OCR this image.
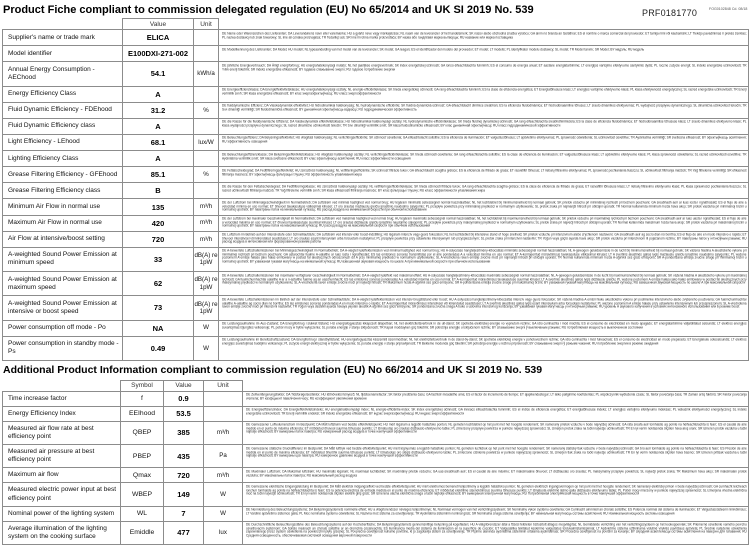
Product Fiche compliant to commission delegated regulation (EU) No 65/2014 and UK SI 2019 No. 539	PRF0181770 FOG0102848 Cd. 08/18
	Value	Unit	
Supplier's name or trade mark	ELICA		DE Name oder Warenzeichen des Lieferanten; DA Leverandørens navn eller varemærke; HU a gyártó neve vagy márkajelzése; NL naam van de leverancier of het handelsmerk; SK názov alebo obchodná značka výrobcu; GA ainm nó branda an tsoláthraí; ES el nombre o marca comercial del proveedor; ET tarnija nimi või kaubamärk; LT Tiekėjo pavadinimas ir prekės ženklas; PL nazwa dostawcy lub znak towarowy; SL ime ali oznaka proizvajalca; TR Tedarikçi adı; SR ime ili robna marka proizvođača; BY назва або гандлёвая марка вытворцы; RU название или марка поставщика

Model identifier	E100DXI-271-002		DE Modellkennung des Lieferanten; DA Model; HU modell; NL typeaanduiding van het model van de leverancier; SK model; GA leagan; ES el identificador del modelo del proveedor; ET mudel; LT modelis; PL identyfikator modelu dostawcy; SL model; TR Model tanımı; SR Model; BY мадэль; RU модель

Annual Energy Consumption - AEChood	54.1	kWh/a	DE jährliche Energieverbrauch; DA Årligt energiforbrug; HU energiahatékonysági mutató; NL het jaarlijkse energieverbruik; SK index energetickej účinnosti; GA ionsú éifeachtúlachta fuinnimh; ES el consumo de energía anual; ET aastane energiatarbimine; LT energijos vartojimo efektyvumo santykinis dydis; PL roczne zużycie energii; SL indeks energetske učinkovitosti; TR Yıllık enerji tüketimi; SR indeks energetske efikasnosti; BY гадавое спажыванне энергіі; RU годовое потребление энергии

Energy Efficiency Class	A		DE Energieeffizienzklasse; DA Energieffektivitetsklasse; HU energiahatékonysági osztály; NL energie-efficiëntieklasse; SK trieda energetickej účinnosti; GA rang éifeachtúlachta fuinnimh; ES la clase de eficiencia energética; ET Energiatõhususe klass; LT energijos vartojimo efektyvumo klasė; PL klasa efektywności energetycznej; SL razred energetske učinkovitosti; TR Enerji verimlilik sınıfı; SR klasa energetske efikasnosti; BY клас энергаэфектыўнасці; RU класс энергоэффективности

Fluid Dynamic Efficiency - FDEhood	31.2	%	DE fluiddynamische Effizienz; DA Væskedynamisk effektivitet; HU hidrodinamikai hatékonyság; NL hydrodynamische efficiëntie; SK fluidná dynamická účinnosť; GA éifeachtúlacht dinimice sreabhán; ES la eficiencia fluidodinámica; ET hüdrodünaamiline tõhusus; LT srauto dinamikos efektyvumas; PL wydajność przepływu dynamicznego; SL dinamična učinkovitost tekočin; TR Sıvı dinamiği verimliliği; SR fluidodinamička efikasnost; BY дынамічная эфектыўнасць вадкасці; RU гидродинамическая эффективность

Fluid Dynamic Efficiency class	A		DE die Klasse für die fluiddynamische Effizienz; DA Væskedynamisk effektivitetsklasse; HU hidrodinamikai hatékonysági osztály; NL hydrodynamische-efficiëntieklasse; SK trieda fluidnej dynamickej účinnosti; GA rang éifeachtúlachta sreabhdhinimiciúla; ES la clase de eficiencia fluidodinámica; ET hüdrodünaamilise tõhususe klass; LT srauto dinamikos efektyvumo klasė; PL klasa wydajności przepływu dynamicznego; SL razred dinamične učinkovitosti tekočin; TR Sıvı dinamiği verimlilik sınıfı; SR klasa fluidodinamičke efikasnosti; BY клас дынамічнай эфектыўнасці; RU класс гидродинамической эффективности

Light Efficiency - LEhood	68.1	lux/W	DE Beleuchtungseffizienz; DA Belysningseffektivitet; HU világítási hatékonyság; NL verlichtingsefficiëntie; SK účinnosť osvetlenia; GA éifeachtúlacht soilsithe; ES la eficiencia de iluminación; ET valgustustõhusus; LT apšvietimo efektyvumas; PL sprawność oświetlenia; SL učinkovitost osvetlitve; TR Aydınlatma verimliliği; SR svetlosna efikasnost; BY эфектыўнасць асвятлення; RU эффективность освещения

Lighting Efficiency Class	A		DE Beleuchtungseffizienzklasse; DA Belysningseffektivitetsklasse; HU világítási hatékonysági osztály; NL verlichtingsefficiëntieklasse; SK trieda účinnosti osvetlenia; GA rang éifeachtúlachta soilsithe; ES la clase de eficiencia de iluminación; ET valgustustõhususe klass; LT apšvietimo efektyvumo klasė; PL klasa sprawności oświetlenia; SL razred učinkovitosti osvetlitve; TR Aydınlatma verimlilik sınıfı; SR klasa svetlosne efikasnosti; BY клас эфектыўнасці асвятлення; RU класс эффективности освещения

Grease Filtering Efficiency - GFEhood	85.1	%	DE Fettabscheidegrad; DA Fedtfiltreringseffektivitet; HU zsírszűrési hatékonyság; NL vetfilteringsefficiëntie; SK účinnosť filtrácie tukov; GA éifeachtúlacht scagtha gréisce; ES la eficiencia de filtrado de grasa; ET rasvafiltri tõhusus; LT riebalų filtravimo efektyvumas; PL sprawność pochłaniania tłuszczu; SL učinkovitost filtriranja maščob; TR Yağ filtreleme verimliliği; SR efikasnost filtriranja masnoće; BY эфектыўнасць фільтрацыі тлушчу; RU эффективность улавливания жира

Grease Filtering Efficiency class	B		DE die Klasse für den Fettabscheidegrad; DA Fedtfiltreringsklasse; HU zsírszűrési hatékonysági osztály; NL vetfilteringsefficiëntieklasse; SK trieda účinnosti filtrácie tukov; GA rang éifeachtúlachta scagtha gréisce; ES la clase de eficiencia de filtrado de grasa; ET rasvafiltri tõhususe klass; LT riebalų filtravimo efektyvumo klasė; PL klasa sprawności pochłaniania tłuszczu; SL razred učinkovitosti filtriranja maščob; TR Yağ filtreleme verimlilik sınıfı; SR klasa efikasnosti filtriranja masnoće; BY клас фільтрацыі тлушчу; RU класс эффективности улавливания жира

Minimum Air Flow in normal use	135	m³/h	DE der Luftstrom bei Minimalgeschwindigkeit im Normalbetrieb; DA Luftstrøm ved minimal hastighed ved normal brug; HU légáram minimális sebességnél normál használatban; NL het luchtdebiet bij minimumsnelheid bij normaal gebruik; SK prietok vzduchu pri minimálnej rýchlosti pri bežnom používaní; GA sreabhadh aeir ar luas íosta i ngnáthúsáid; ES el flujo de aire a velocidad mínima en uso normal; ET õhuvool tavakasutuse väikseimal kiirusel; LT oro srautas mažiausiu greičiu įprastinio naudojimo sąlygomis; PL przepływ powietrza przy minimalnej prędkości w normalnym użytkowaniu; SL pretok zraka pri najmanjši hitrosti pri običajni uporabi; TR Normal kullanımda minimum hızda hava akışı; SR protok vazduha pri minimalnoj brzini u normalnoj upotrebi; BY паветраны паток на мінімальнай хуткасці; RU расход воздуха на минимальной скорости при обычном использовании

Maximum Air Flow in normal use	420	m³/h	DE der Luftstrom bei maximaler Geschwindigkeit im Normalbetrieb; DA Luftstrøm ved maksimal hastighed ved normal brug; HU légáram maximális sebességnél normál használatban; NL het luchtdebiet bij maximumsnelheid bij normaal gebruik; SK prietok vzduchu pri maximálnej rýchlosti pri bežnom používaní; GA sreabhadh aeir ar luas uasta i ngnáthúsáid; ES el flujo de aire a velocidad máxima en uso normal; ET õhuvool tavakasutuse suurimal kiirusel; LT oro srautas didžiausiu greičiu įprastinio naudojimo sąlygomis; PL przepływ powietrza przy maksymalnej prędkości w normalnym użytkowaniu; SL pretok zraka pri največji hitrosti pri običajni uporabi; TR Normal kullanımda maksimum hızda hava akışı; SR protok vazduha pri maksimalnoj brzini u normalnoj upotrebi; BY паветраны паток на максімальнай хуткасці; RU расход воздуха на максимальной скорости при обычном использовании

Air Flow at intensive/boost setting	720	m³/h	DE Luftstrom im Betrieb auf der Intensivstufe oder Schnelllaufstufe; DA Luftstrøm ved intensiv eller boost-indstilling; HU légáram intenzív vagy gyors fokozaton; NL het luchtdebiet bij intensieve stand of hoge snelheid; SK prietok vzduchu pri intenzívnom alebo zrýchlenom nastavení; GA sreabhadh aeir ag socrú dian nó borrtha; ES el flujo de aire en modo intensivo o rápido; ET õhuvool intensiivsel või kiirendatud seadistusel; LT oro srautas esant intensyviam arba forsuotam nustatymui; PL przepływ powietrza przy ustawieniu intensywnym lub przyspieszonym; SL pretok zraka pri intenzivni nastavitvi; TR Yoğun veya güçlü ayarda hava akışı; SR protok vazduha pri intenzivnom ili pojačanom režimu; BY паветраны паток у інтэнсіўным рэжыме; RU расход воздуха в интенсивном или форсированном режиме работы

A-weighted Sound Power Emission at minimum speed	33	dB(A) re 1pW	DE A-bewertete Luftschallemissionen bei Minimalgeschwindigkeit im Normalbetrieb; DA A-vægtet lydeffektemission ved minimal hastighed ved normal brug; HU A-súlyozású hangteljesítmény-kibocsátás minimális sebességnél normál használatban; NL A-gewogen geluidsemissie in de lucht bij minimumsnelheid bij normaal gebruik; SK vážená hladina A akustického výkonu pri minimálnej rýchlosti pri bežnom používaní; GA astaíochtaí fuaime A-ualaithe ar luas íosta i ngnáthúsáid; ES las emisiones sonoras transmitidas por el aire ponderadas A a velocidad mínima en uso normal; ET A-korrigeeritud müravõimsus tavakasutuse väikseimal kiirusel; LT A svertinis akustinės galios lygis mažiausiu greičiu įprastinio naudojimo sąlygomis; PL ważone poziomem A emisje hałasu jako hałas emitowany w postaci fal akustycznych odnoszonych do A przy minimalnej prędkości w normalnym użytkowaniu; SL A-vrednotena raven emisije zvočne moči pri najmanjši hitrosti pri običajni uporabi; TR Normal kullanımda minimum hızda A-ağırlıklı ses gücü emisyonu; SR A-ponderisana emisija zvučne snage pri minimalnoj brzini u normalnoj upotrebi; BY узважаная гукавая магутнасць на мінімальнай хуткасці; RU взвешенная звуковая мощность по шкале A при минимальной скорости при обычном использовании

A-weighted Sound Power Emission at maximum speed	62	dB(A) re 1pW	DE A-bewertete Luftschallemissionen bei maximaler verfügbarer Geschwindigkeit im Normalbetrieb; DA A-vægtet lydeffekt ved maksimal effekt; HU A-súlyozású hangteljesítmény-kibocsátás maximális sebességnél normál használatban; NL A-gewogen geluidsemissie in de lucht bij maximumsnelheid bij normaal gebruik; SK vážená hladina A akustického výkonu pri maximálnej rýchlosti; GA fuaimchumhachtaí ualaithe A ar a n-astaíthe fuaime ag an uaschumhacht; ES las emisiones sonoras ponderadas A a velocidad máxima en uso normal; ET A-korrigeeritud müravõimsus tavakasutuse suurimal kiirusel; LT A svertinis akustinės galios lygis didžiausiu greičiu; PL ważone poziomem A emisje hałasu jako hałas emitowany w postaci fal akustycznych przy maksymalnej prędkości w normalnym użytkowaniu; SL A-vrednotena raven emisije zvočne moči pri največji hitrosti; TR Maksimum hızda A-ağırlıklı ses gücü emisyonu; SR A-ponderisana emisija zvučne snage pri maksimalnoj brzini; BY узважаная гукавая магутнасць на максімальнай хуткасці; RU взвешенная звуковая мощность по шкале A при максимальной скорости

A-weighted Sound Power Emission at intensive or boost speed	73	dB(A) re 1pW	DE A-bewertete Luftschallemissionen im Betrieb auf der Intensivstufe oder Schnelllaufstufe; DA A-vægtet lydeffektemission ved intensiv brugstilstand eller boost; HU A-súlyozású hangteljesítmény-kibocsátás intenzív vagy gyors fokozaton; SK vážená hladina A emisií hluku akustického výkonu pri podmienke intenzívneho alebo zvýšeného používania; GA fuaimchumhachtaí ualaithe A-ualaithe ag socrú dian nó borrtha; ES las emisiones sonoras ponderadas A en modo intensivo o rápido; ET A-korrigeeritud müravõimsus intensiivsel või kiirendatud seadistusel; LT A svertinis akustinės galios lygis esant intensyviam arba forsuotam nustatymui; PL ważone poziomem A emisje hałasu przy ustawieniu intensywnym lub przyspieszonym; SL A-vrednotena raven emisije zvočne moči pri intenzivni nastavitvi; TR Yoğun veya destekli ayarda havaya yayılan akustik A-ağırlıklı ses gücü emisyonu; SR ponderisana zvučna snaga A buke u uslovima intenzivnog korišćenja; BY узважаная гукавая магутнасць у інтэнсіўным рэжыме; RU уровень A звукового излучения в условиях интенсивного использования или в режиме boost

Power consumption off mode - Po	NA	W	DE Leistungsaufnahme im Aus-Zustand; DA Energiforbrug i slukket tilstand; HU energiafogyasztás kikapcsolt állapotban; NL het elektriciteitsverbruik in de uit-stand; SK spotreba elektrickej energie vo vypnutom režime; GA ídiú cumhachta i mód múchta; ES el consumo de electricidad en modo apagado; ET energiatarbimine väljalülitatud seisundis; LT elektros energijos suvartojimas išjungties veiksenoje; PL pobór mocy w trybie wyłączenia; SL poraba energije v stanju izključenosti; TR Kapalı moddayken güç tüketimi; SR potrošnja energije u isključenom režimu; BY спажыванне энергіі ў выключаным рэжыме; RU потребляемая мощность в выключенном состоянии

Power consumption in standby mode - Ps	0.49	W	DE Leistungsaufnahme im Bereitschaftszustand; DA Energiforbrug i standbytilstand; HU energiafogyasztás készenléti üzemmódban; NL het elektriciteitsverbruik in de stand-by-stand; SK spotreba elektrickej energie v pohotovostnom režime; GA ídiú cumhachta i mód fuireachais; ES el consumo de electricidad en modo preparado; ET Energiakulu ooteseisundis; LT elektros energijos suvartojimas budėjimo veiksenoje; PL zużycie energii elektrycznej w trybie wyłączenia; SL poraba energije v stanju pripravljenosti; TR Bekleme modunda güç tüketimi; SR potrošnja energije u režimu pripravnosti; BY спажыванне энергіі ў рэжыме чакання; RU потребление энергии в режиме ожидания
Additional Product Information compliant to commission regulation (EU) No 66/2014 and UK SI 2019 No. 539
	Symbol	Value	Unit	
Time increase factor	f	0.9		DE Zeitverlängerungsfaktor; DA Tidsforøgelsesfaktor; HU időnövelési tényező; NL tijdstoenamefactor; SK faktor predĺženia času; GA fachtóir méadaithe ama; ES el factor de incremento de tiempo; ET ajapikendustegur; LT laiko pailginimo koeficientas; PL współczynnik wydłużenia czasu; SL faktor povečanja časa; TR Zaman artış faktörü; SR Faktor povećanja vremena; BY каэфіцыент павелічэння часу; RU коэффициент увеличения времени

Energy Efficiency Index	EEIhood	53.5		DE Energieeffizienzindex; DA Energieffektivitetsindeks; HU energiahatékonysági index; NL energie-efficiëntie-index; SK index energetickej účinnosti; GA innéacs éifeachtúlachta fuinnimh; ES el índice de eficiencia energética; ET energiatõhususe indeks; LT energijos vartojimo efektyvumo indeksas; PL wskaźnik efektywności energetycznej; SL indeks energetske učinkovitosti; TR Enerji verimlilik endeksi; SR indeks energetske efikasnosti; BY індэкс энергаэфектыўнасці; RU индекс энергоэффективности

Measured air flow rate at best efficiency point	QBEP	385	m³/h	DE Gemessener Luftvolumenstrom im Bestpunkt; DA Målt luftstrøm ved bedste effektivitetspunkt; HU mért légáram a legjobb hatásfokú ponton; NL gemeten luchtdebiet op het punt met het hoogste rendement; SK nameraný prietok vzduchu v bode najvyššej účinnosti; GA ráta sreafa aeir tomhaiste ag pointe na héifeachtúlachta is fearr; ES el caudal de aire medido en el punto de máxima eficiencia; ET mõõdetud õhuvool suurima tõhususe punktis; LT išmatuotas oro srautas didžiausio efektyvumo taške; PL zmierzony przepływ powietrza w punkcie najwyższej sprawności; SL izmerjen pretok zraka na točki največje učinkovitosti; TR En iyi verim noktasında ölçülen hava akış oranı; SR izmeren protok vazduha u tački najbolje efikasnosti; BY вымераны паток паветра; RU измеренный расход воздуха в точке наилучшей эффективности

Measured air pressure at best efficiency point	PBEP	435	Pa	DE Gemessene statische Druckdifferenz im Bestpunkt; DA Målt lufttryk ved bedste effektivitetspunkt; HU mért légnyomás a legjobb hatásfokú ponton; NL gemeten luchtdruk op het punt met het hoogste rendement; SK nameraný statický tlak vzduchu v bode najvyššej účinnosti; GA brú aeir tomhaiste ag pointe na héifeachtúlachta is fearr; ES Presión de aire medida en el punto de máxima eficiencia; ET mõõdetud õhurõhk suurima tõhususe punktis; LT išmatuotas oro slėgis didžiausio efektyvumo taške; PL zmierzone ciśnienie powietrza w punkcie najwyższej sprawności; SL izmerjen tlak zraka na točki največje učinkovitosti; TR En iyi verim noktasında ölçülen hava basıncı; SR izmeren pritisak vazduha u tački najbolje efikasnosti; BY вымераны ціск паветра; RU измеренное давление воздуха в точке наилучшей эффективности

Maximum air flow	Qmax	720	m³/h	DE Maximaler Luftstrom; DA Maksimal luftstrøm; HU maximális légáram; NL maximaal luchtdebiet; SK maximálny prietok vzduchu; GA uas-sreabhadh aeir; ES el caudal de aire máximo; ET maksimaalne õhuvool; LT didžiausias oro srautas; PL maksymalny przepływ powietrza; SL največji pretok zraka; TR Maksimum hava akışı; SR maksimalan protok vazduha; BY максімальны паток паветра; RU максимальный расход воздуха

Measured electric power input at best efficiency point	WBEP	149	W	DE Gemessene elektrische Eingangsleistung im Bestpunkt; DA Målt elektrisk indgangseffekt ved bedste effektivitetspunkt; HU mért elektromos bemeneti teljesítmény a legjobb hatásfokú ponton; NL gemeten elektrisch ingangsvermogen op het punt met het hoogste rendement; SK nameraný elektrický príkon v bode najvyššej účinnosti; GA cumhacht leictreach ionchuir tomhaiste ag pointe na héifeachtúlachta is fearr; ES la potencia eléctrica de entrada medida en el punto de máxima eficiencia; ET mõõdetud elektriline sisendvõimsus suurima tõhususe punktis; LT išmatuota elektrinė įėjimo galia didžiausio efektyvumo taške; PL Pobór mocy mierzony w punkcie najwyższej sprawności; SL izmerjena vhodna električna moč na točki največje učinkovitosti; TR En iyi verim noktasında ölçülen elektrik giriş gücü; SR izmerena ulazna električna snaga u tački najbolje efikasnosti; BY вымераная электрычная магутнасць; RU Потребляемая электрическая мощность в точке наилучшей эффективности

Nominal power of the lighting system	WL	7	W	DE Nennleistung des Beleuchtungssystems; DA Belysningssystemets nominelle effekt; HU a világítórendszer névleges teljesítménye; NL Nominaal vermogen van het verlichtingssysteem; SK Nominálny výkon systému osvetlenia; GA Cumhacht ainmniúil an chórais soilsithe; ES Potencia nominal del sistema de iluminación; ET Valgustussüsteemi nimivõimsus; LT Vardinė apšvietimo sistemos galia; PL Moc nominalna systemu oświetlenia; SL Nazivna moč sistema za osvetljevanje; TR Aydınlatma sisteminin nominal gücü; SR Nominalna snaga sistema osvetljenja; BY намінальная магутнасць сістэмы асвятлення; RU Номинальная мощность системы освещения

Average illumination of the lighting system on the cooking surface	Emiddle	477	lux	DE Durchschnittliche Beleuchtungsstärke des Beleuchtungssystems auf der Kochoberfläche; DA Belysningssystemets gennemsnitlige belysning på kogefladen; HU A világítórendszer által a főzési felületen biztosított átlagos megvilágítás; NL Gemiddelde verlichting van het verlichtingssysteem op het kookoppervlak; SK Priemerné osvetlenie varného povrchu osvetľovacím systémom; GA Soilsiú meánach an chórais soilsithe ar an dromchla cócaireachta; ES iluminancia media del sistema de iluminación en la superficie de cocción; ET Valgusallika tekitatud keskmine valgustatus toiduvalmistamispinnal; LT Apšvietimo sistema užtikrinama vidutinė viryklės paviršiaus apšvieta; PL Średnie natężenie oświetlenia zapewnianego przez system oświetlenia na powierzchni płyty grzejnej; SL Povprečna osvetljenost kuhalne površine, ki jo zagotavlja sistem za osvetljevanje; TR Pişirme alanında aydınlatma sisteminin ortalama aydınlatması; SR Prosečna osvetljenost na površini za kuvanje; BY сярэдняя асветленасць сістэмы асвятлення на паверхні для гатавання; RU Средняя освещенность, обеспечиваемая системой освещения варочной поверхности
